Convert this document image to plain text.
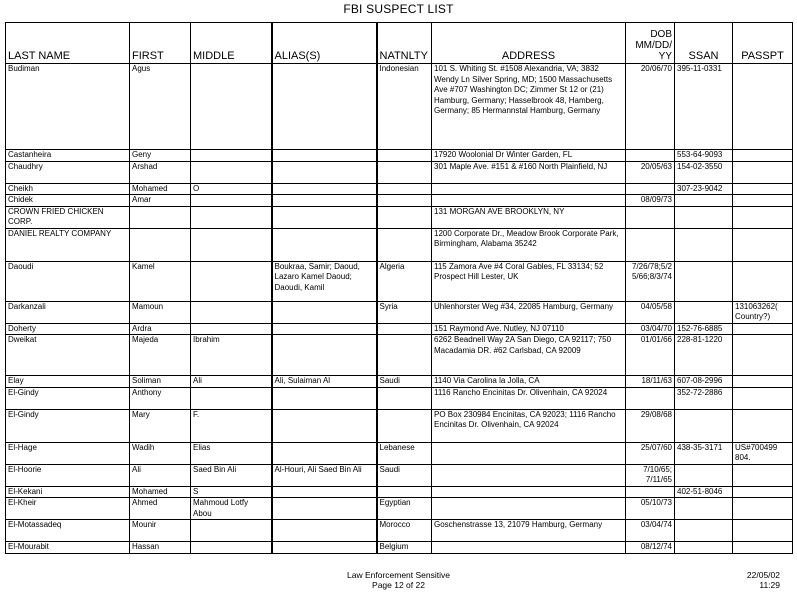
FBI SUSPECT LIST
LAST NAME	FIRST	MIDDLE	ALIAS(S)	NATNLTY	ADDRESS	DOB MM/DD/ YY	SSAN	PASSPT
Budiman	Agus			Indonesian	101 S. Whiting St. #1508 Alexandria, VA; 3832 Wendy Ln Silver Spring, MD; 1500 Massachusetts Ave #707 Washington DC; Zimmer St 12 or (21) Hamburg, Germany; Hasselbrook 48, Hamberg, Germany; 85 Hermannstal Hamburg, Germany	20/06/70	395-11-0331	
Castanheira	Geny				17920 Woolonial Dr Winter Garden, FL		553-64-9093	
Chaudhry	Arshad				301 Maple Ave. #151 & #160 North Plainfield, NJ	20/05/63	154-02-3550	
Cheikh	Mohamed	O					307-23-9042	
Chidek	Amar					08/09/73		
CROWN FRIED CHICKEN CORP.					131 MORGAN AVE BROOKLYN, NY			
DANIEL REALTY COMPANY					1200 Corporate Dr., Meadow Brook Corporate Park, Birmingham, Alabama 35242			
Daoudi	Kamel		Boukraa, Samir; Daoud, Lazaro Kamel Daoud; Daoudi, Kamil	Algeria	115 Zamora Ave #4 Coral Gables, FL 33134; 52 Prospect Hill Lester, UK	7/26/78;5/2 5/66;8/3/74		
Darkanzali	Mamoun			Syria	Uhlenhorster Weg #34, 22085 Hamburg, Germany	04/05/58		131063262( Country?)
Doherty	Ardra				151 Raymond Ave. Nutley, NJ 07110	03/04/70	152-76-6885	
Dweikat	Majeda	Ibrahim			6262 Beadnell Way 2A San Diego, CA 92117; 750 Macadamia DR. #62 Carlsbad, CA 92009	01/01/66	228-81-1220	
Elay	Soliman	Ali	Ali, Sulaiman Al	Saudi	1140 Via Carolina la Jolla, CA	18/11/63	607-08-2996	
El-Gindy	Anthony				1116 Rancho Encinitas Dr. Olivenhain, CA 92024		352-72-2886	
El-Gindy	Mary	F.			PO Box 230984 Encinitas, CA 92023; 1116 Rancho Encinitas Dr. Olivenhain, CA 92024	29/08/68		
El-Hage	Wadih	Elias		Lebanese		25/07/60	438-35-3171	US#700499 804.
El-Hoorie	Ali	Saed Bin Ali	Al-Houri, Ali Saed Bin Ali	Saudi		7/10/65; 7/11/65		
El-Kekani	Mohamed	S					402-51-8046	
El-Kheir	Ahmed	Mahmoud Lotfy Abou		Egyptian		05/10/73		
El-Motassadeq	Mounir			Morocco	Goschenstrasse 13, 21079 Hamburg, Germany	03/04/74		
El-Mourabit	Hassan			Belgium		08/12/74		
Law Enforcement Sensitive
Page 12 of 22
22/05/02
11:29
